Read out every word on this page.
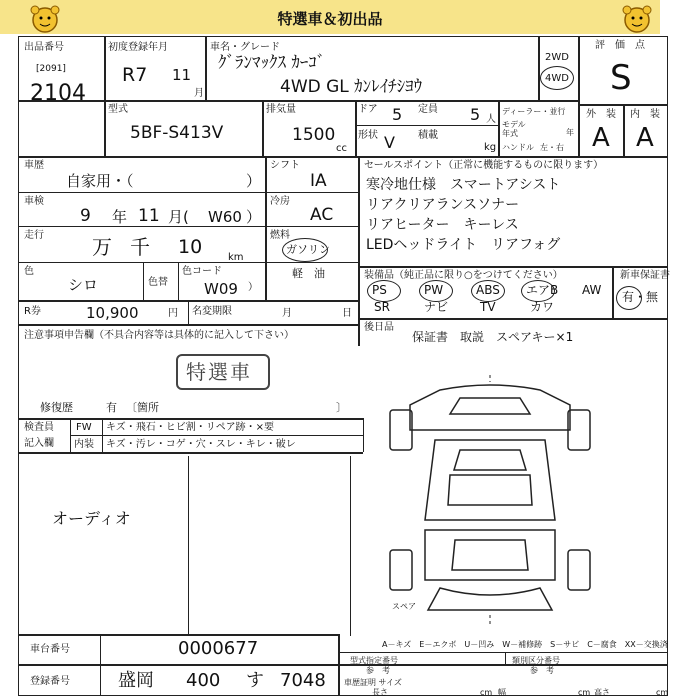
特選車＆初出品
出品番号
[2091]
2104
初度登録年月
R7 11
月
車名・グレード
ｸﾞﾗﾝﾏｯｸｽ ｶｰｺﾞ
4WD GL ｶﾝﾚｲﾁｼﾖｳ
2WD
4WD
評　価　点
S
外　装 内　装
A A
型式
5BF-S413V
排気量
1500
cc
ドア 5 定員 5 人
形状 V 積載
kg
ディーラー・並行
モデル年式	年
ハンドル 左・右
車歴
自家用・（	）
車検
9 年 11 月( W60 ）
走行 万 千 10	km
シフト
IA
冷房
AC
燃料
ガソリン
軽　油
色
シロ	色替
色コード
W09 ）
R券	10,900	円 名変期限	月	日
セールスポイント（正常に機能するものに限ります）
寒冷地仕様　スマートアシスト
リアクリアランスソナー
リアヒーター　キーレス
LEDヘッドライト　リアフォグ
装備品（純正品に限り○をつけてください）	新車保証書
有・無
PS	PW	ABS エアB AW
SR	ナビ	TV	カワ
後日品
保証書　取説　スペアキー×1
注意事項申告欄（不具合内容等は具体的に記入して下さい）
特選車
修復歴	有 〔箇所	〕
検査員
記入欄
FW キズ・飛石・ヒビ割・リペア跡・×要
内装 キズ・汚レ・コゲ・穴・スレ・キレ・破レ
オーディオ
スペア
A－キズ　E－エクボ　U－凹み　W－補修跡　S－サビ　C－腐食　XX－交換済
車台番号	0000677
登録番号	盛岡 400 す 7048
型式指定番号
参　考
類別区分番号
参　考
車歴証明 サイズ
長さ	cm 幅	cm 高さ	cm
